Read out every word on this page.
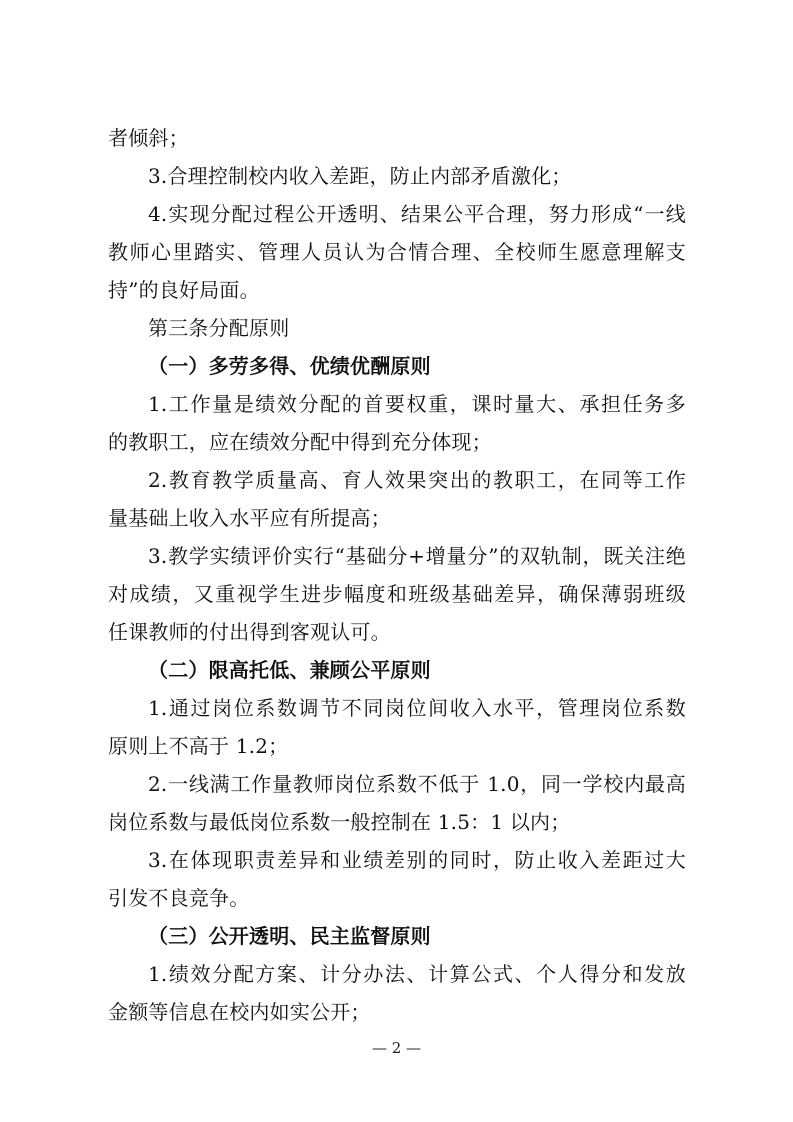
者倾斜；

3.合理控制校内收入差距，防止内部矛盾激化；

4.实现分配过程公开透明、结果公平合理，努力形成“一线

教师心里踏实、管理人员认为合情合理、全校师生愿意理解支

持”的良好局面。

第三条分配原则

（一）多劳多得、优绩优酬原则

1.工作量是绩效分配的首要权重，课时量大、承担任务多

的教职工，应在绩效分配中得到充分体现；

2.教育教学质量高、育人效果突出的教职工，在同等工作

量基础上收入水平应有所提高；

3.教学实绩评价实行“基础分+增量分”的双轨制，既关注绝

对成绩，又重视学生进步幅度和班级基础差异，确保薄弱班级

任课教师的付出得到客观认可。

（二）限高托低、兼顾公平原则

1.通过岗位系数调节不同岗位间收入水平，管理岗位系数

原则上不高于 1.2；

2.一线满工作量教师岗位系数不低于 1.0，同一学校内最高

岗位系数与最低岗位系数一般控制在 1.5：1 以内；

3.在体现职责差异和业绩差别的同时，防止收入差距过大

引发不良竞争。

（三）公开透明、民主监督原则

1.绩效分配方案、计分办法、计算公式、个人得分和发放

金额等信息在校内如实公开；

— 2 —
